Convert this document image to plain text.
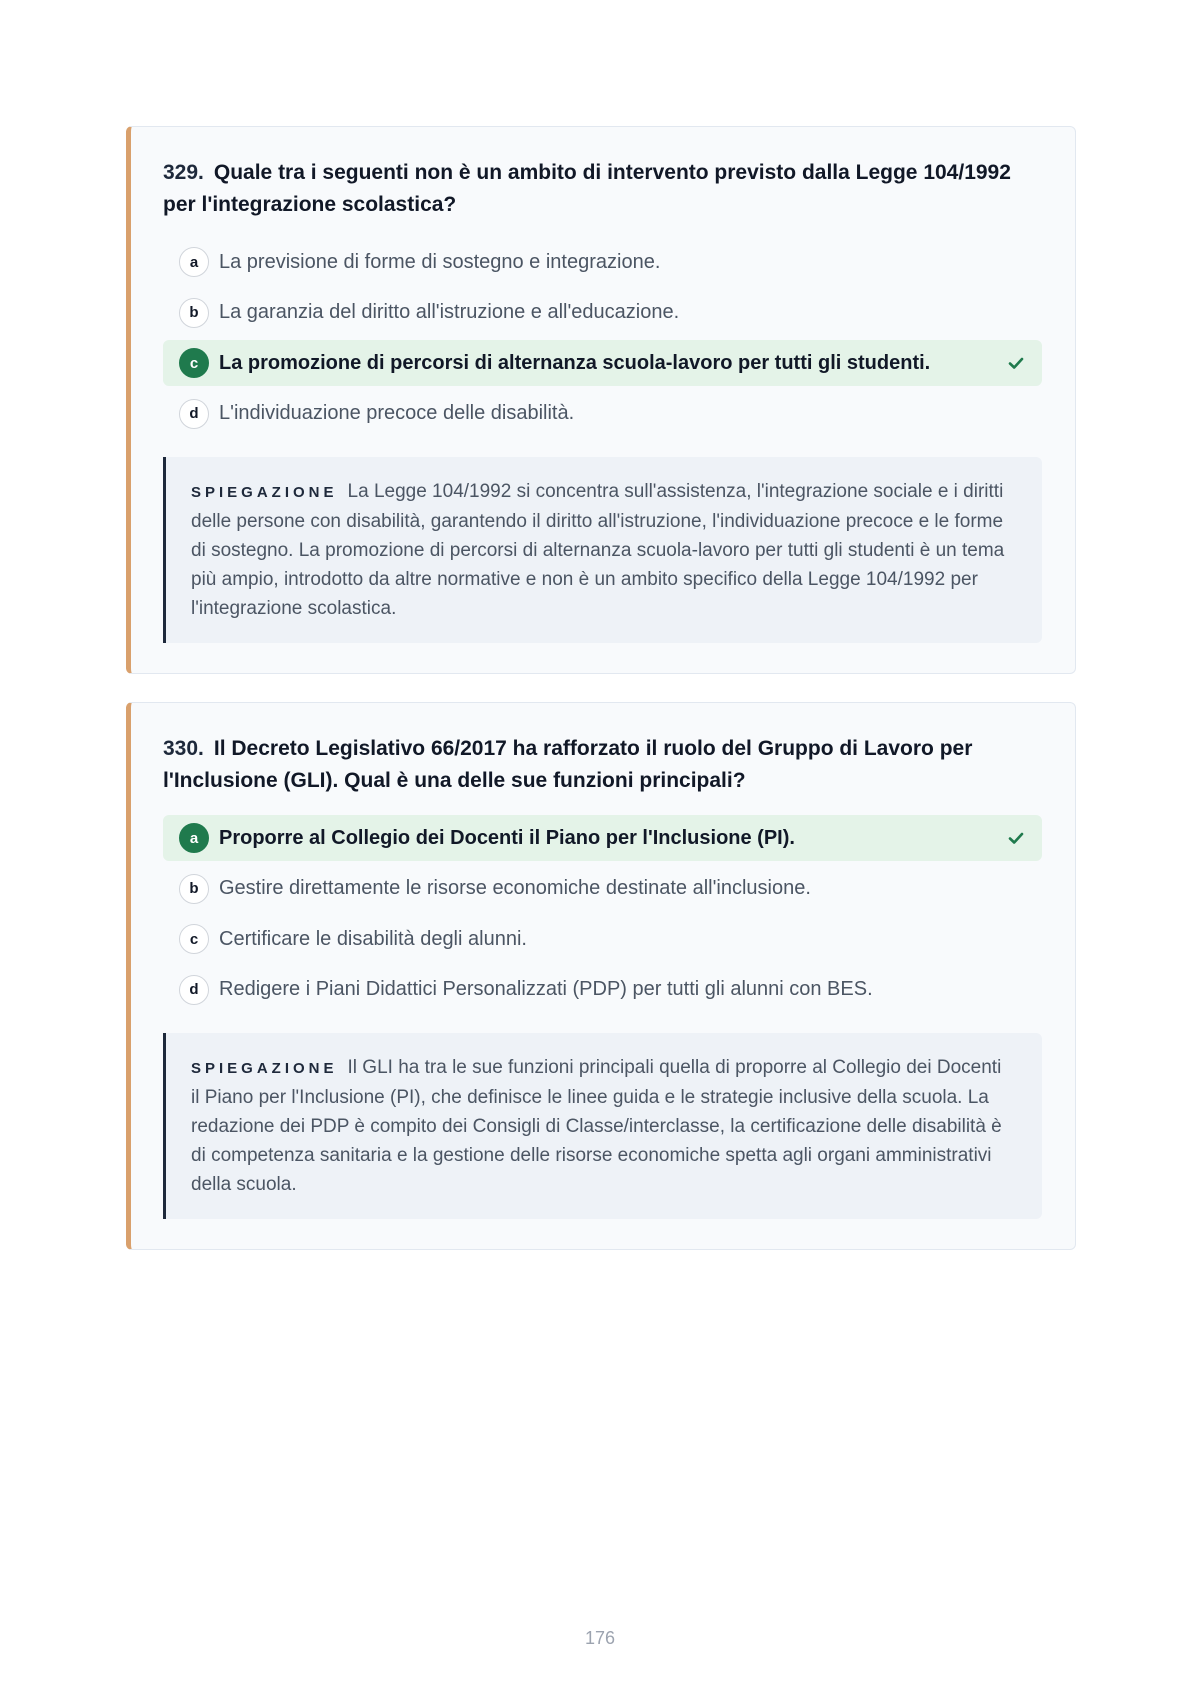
329. Quale tra i seguenti non è un ambito di intervento previsto dalla Legge 104/1992 per l'integrazione scolastica?

a	La previsione di forme di sostegno e integrazione.
b	La garanzia del diritto all'istruzione e all'educazione.
c	La promozione di percorsi di alternanza scuola-lavoro per tutti gli studenti.
d	L'individuazione precoce delle disabilità.
SPIEGAZIONE La Legge 104/1992 si concentra sull'assistenza, l'integrazione sociale e i diritti delle persone con disabilità, garantendo il diritto all'istruzione, l'individuazione precoce e le forme di sostegno. La promozione di percorsi di alternanza scuola-lavoro per tutti gli studenti è un tema più ampio, introdotto da altre normative e non è un ambito specifico della Legge 104/1992 per l'integrazione scolastica.

330. Il Decreto Legislativo 66/2017 ha rafforzato il ruolo del Gruppo di Lavoro per l'Inclusione (GLI). Qual è una delle sue funzioni principali?

a	Proporre al Collegio dei Docenti il Piano per l'Inclusione (PI).
b	Gestire direttamente le risorse economiche destinate all'inclusione.
c	Certificare le disabilità degli alunni.
d	Redigere i Piani Didattici Personalizzati (PDP) per tutti gli alunni con BES.
SPIEGAZIONE Il GLI ha tra le sue funzioni principali quella di proporre al Collegio dei Docenti il Piano per l'Inclusione (PI), che definisce le linee guida e le strategie inclusive della scuola. La redazione dei PDP è compito dei Consigli di Classe/interclasse, la certificazione delle disabilità è di competenza sanitaria e la gestione delle risorse economiche spetta agli organi amministrativi della scuola.
176
